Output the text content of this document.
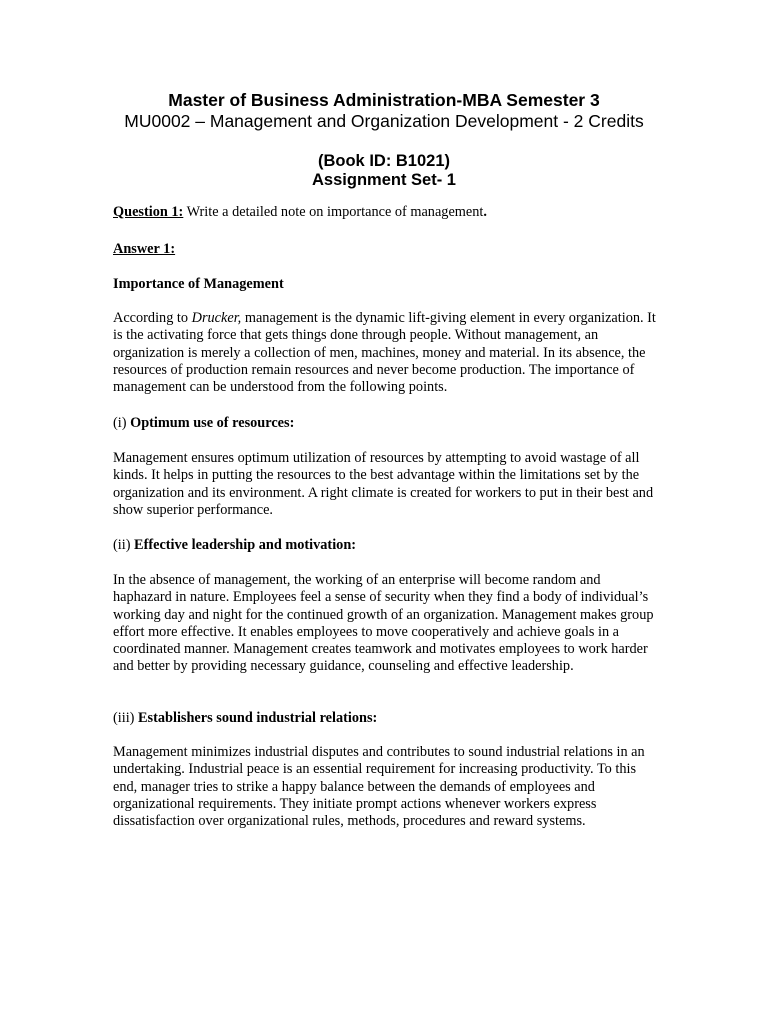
Master of Business Administration-MBA Semester 3
MU0002 – Management and Organization Development - 2 Credits
(Book ID: B1021)
Assignment Set- 1

Question 1: Write a detailed note on importance of management.

Answer 1:

Importance of Management

According to Drucker, management is the dynamic lift-giving element in every organization. It is the activating force that gets things done through people. Without management, an organization is merely a collection of men, machines, money and material. In its absence, the resources of production remain resources and never become production. The importance of management can be understood from the following points.

(i) Optimum use of resources:

Management ensures optimum utilization of resources by attempting to avoid wastage of all kinds. It helps in putting the resources to the best advantage within the limitations set by the organization and its environment. A right climate is created for workers to put in their best and show superior performance.

(ii) Effective leadership and motivation:

In the absence of management, the working of an enterprise will become random and haphazard in nature. Employees feel a sense of security when they find a body of individual’s working day and night for the continued growth of an organization. Management makes group effort more effective. It enables employees to move cooperatively and achieve goals in a coordinated manner. Management creates teamwork and motivates employees to work harder and better by providing necessary guidance, counseling and effective leadership.

(iii) Establishers sound industrial relations:

Management minimizes industrial disputes and contributes to sound industrial relations in an undertaking. Industrial peace is an essential requirement for increasing productivity. To this end, manager tries to strike a happy balance between the demands of employees and organizational requirements. They initiate prompt actions whenever workers express dissatisfaction over organizational rules, methods, procedures and reward systems.
